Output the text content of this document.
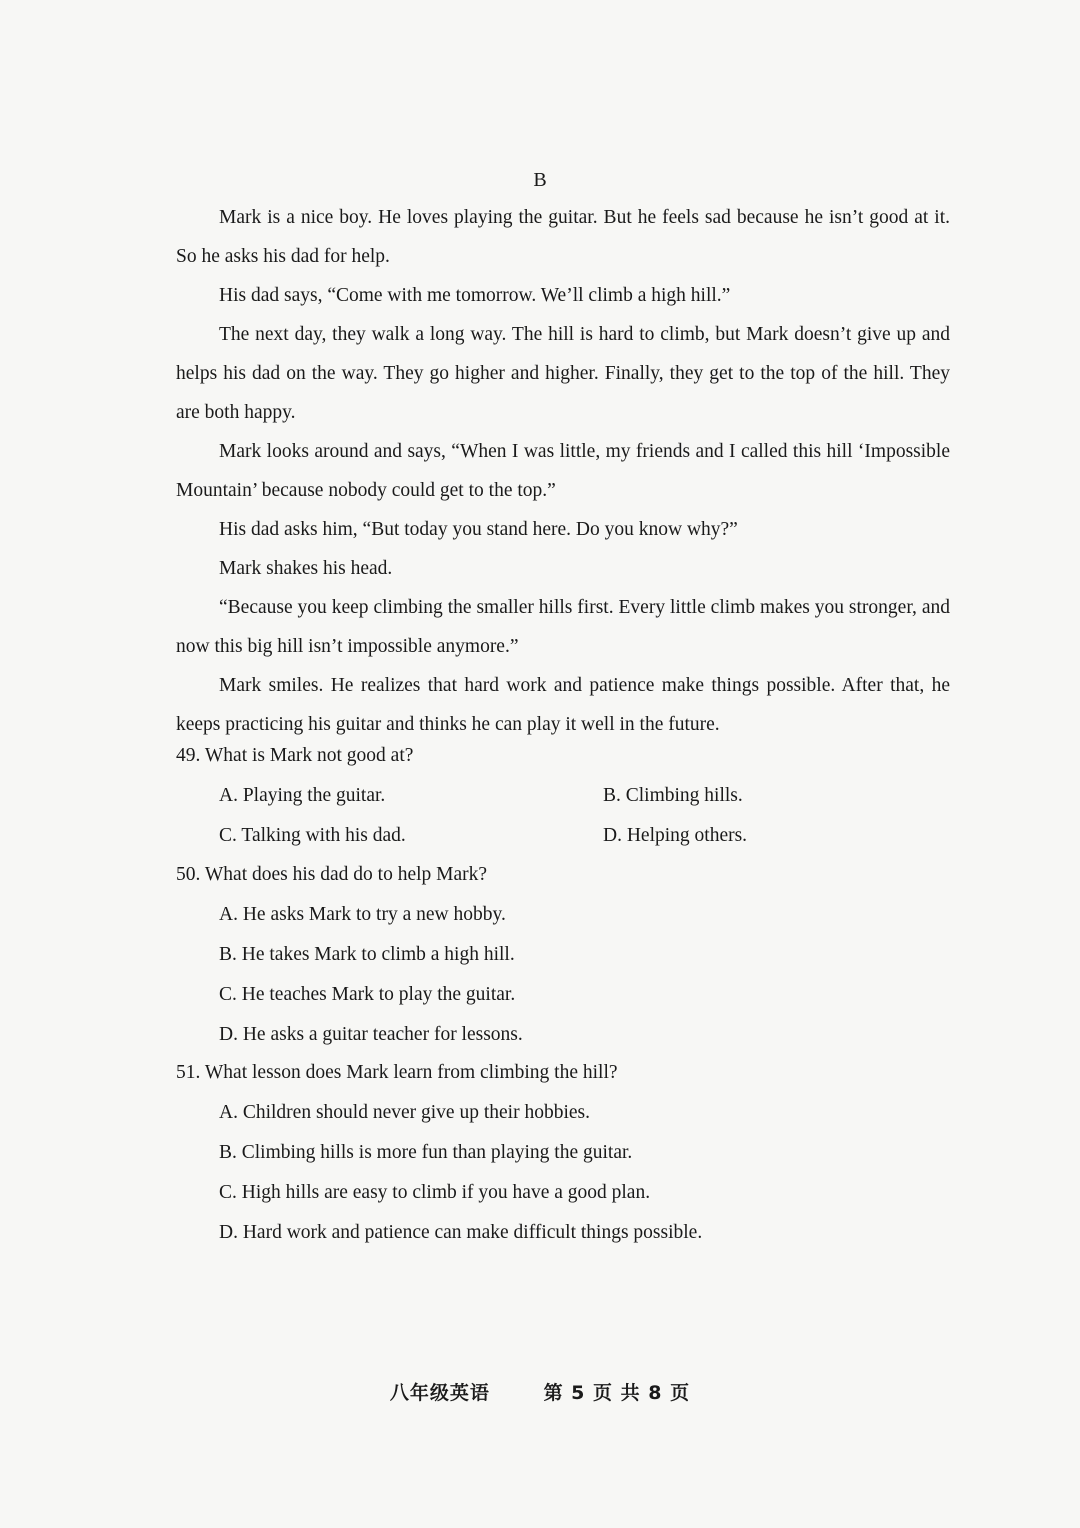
B

Mark is a nice boy. He loves playing the guitar. But he feels sad because he isn’t good at it. So he asks his dad for help.

His dad says, “Come with me tomorrow. We’ll climb a high hill.”

The next day, they walk a long way. The hill is hard to climb, but Mark doesn’t give up and helps his dad on the way. They go higher and higher. Finally, they get to the top of the hill. They are both happy.

Mark looks around and says, “When I was little, my friends and I called this hill ‘Impossible Mountain’ because nobody could get to the top.”

His dad asks him, “But today you stand here. Do you know why?”

Mark shakes his head.

“Because you keep climbing the smaller hills first. Every little climb makes you stronger, and now this big hill isn’t impossible anymore.”

Mark smiles. He realizes that hard work and patience make things possible. After that, he keeps practicing his guitar and thinks he can play it well in the future.

49. What is Mark not good at?

A. Playing the guitar.	B. Climbing hills.
C. Talking with his dad.	D. Helping others.

50. What does his dad do to help Mark?

A. He asks Mark to try a new hobby.
B. He takes Mark to climb a high hill.
C. He teaches Mark to play the guitar.
D. He asks a guitar teacher for lessons.

51. What lesson does Mark learn from climbing the hill?

A. Children should never give up their hobbies.
B. Climbing hills is more fun than playing the guitar.
C. High hills are easy to climb if you have a good plan.
D. Hard work and patience can make difficult things possible.
八年级英语	第 5 页 共 8 页
